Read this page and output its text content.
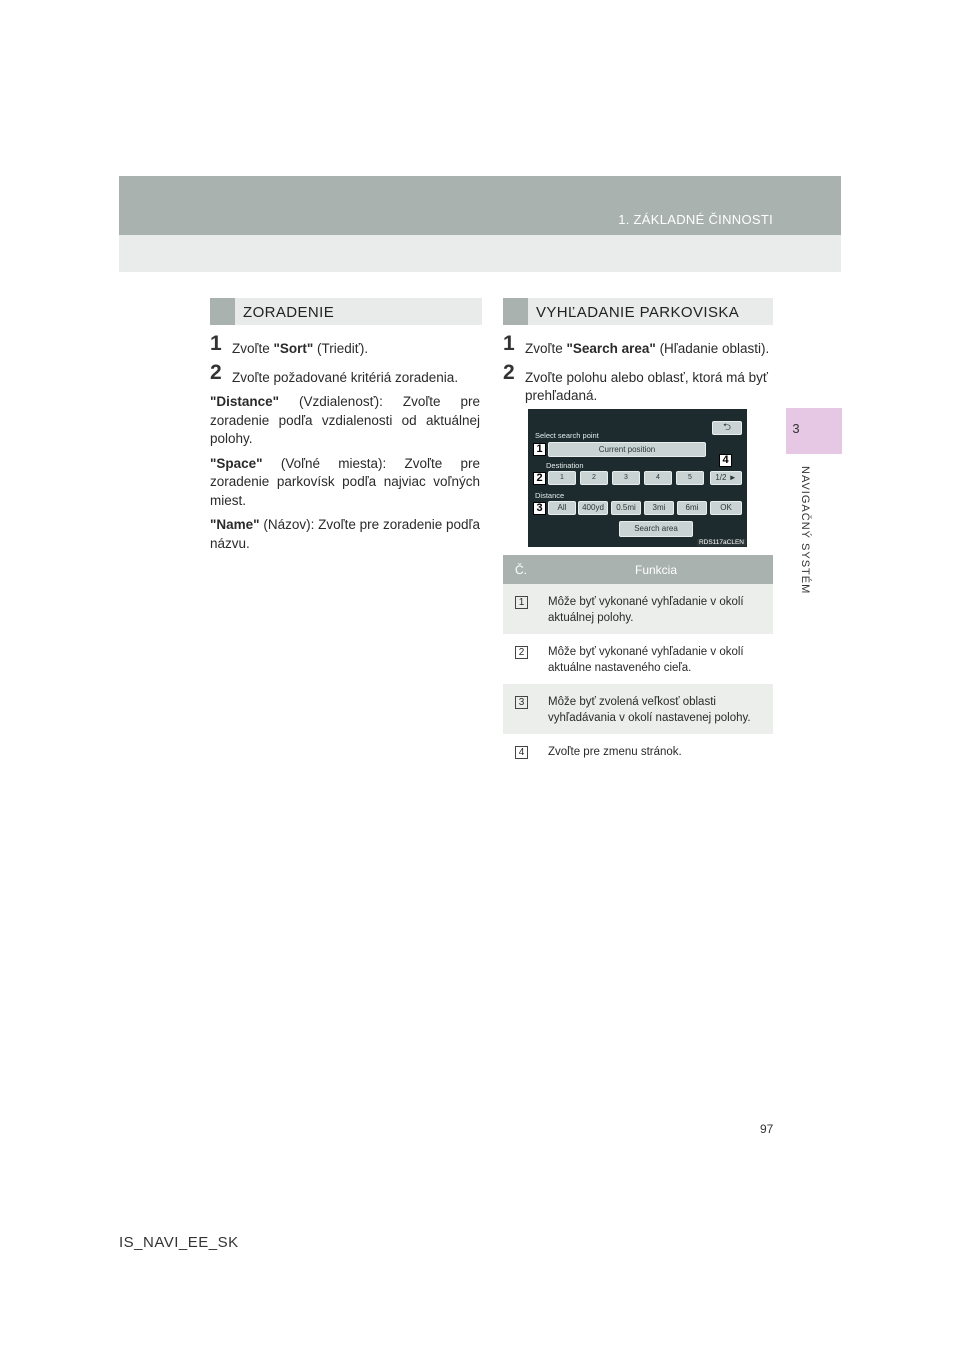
1. ZÁKLADNÉ ČINNOSTI
3
NAVIGAČNÝ SYSTÉM
ZORADENIE
1 Zvoľte "Sort" (Triediť).
2 Zvoľte požadované kritériá zoradenia.
"Distance" (Vzdialenosť): Zvoľte pre zoradenie podľa vzdialenosti od aktuálnej polohy.
"Space" (Voľné miesta): Zvoľte pre zoradenie parkovísk podľa najviac voľných miest.
"Name" (Názov): Zvoľte pre zoradenie podľa názvu.
VYHĽADANIE PARKOVISKA
1 Zvoľte "Search area" (Hľadanie oblasti).
2 Zvoľte polohu alebo oblasť, ktorá má byť prehľadaná.
Select search point
⮌
Current position
Destination
1	2	3	4	5	1/2 ►
Distance
All	400yd	0.5mi	3mi	6mi	OK
Search area
1
2
3
4
RDS117aCLEN
Č.	Funkcia
1	Môže byť vykonané vyhľadanie v okolí aktuálnej polohy.
2	Môže byť vykonané vyhľadanie v okolí aktuálne nastaveného cieľa.
3	Môže byť zvolená veľkosť oblasti vyhľadávania v okolí nastavenej polohy.
4	Zvoľte pre zmenu stránok.
97
IS_NAVI_EE_SK
